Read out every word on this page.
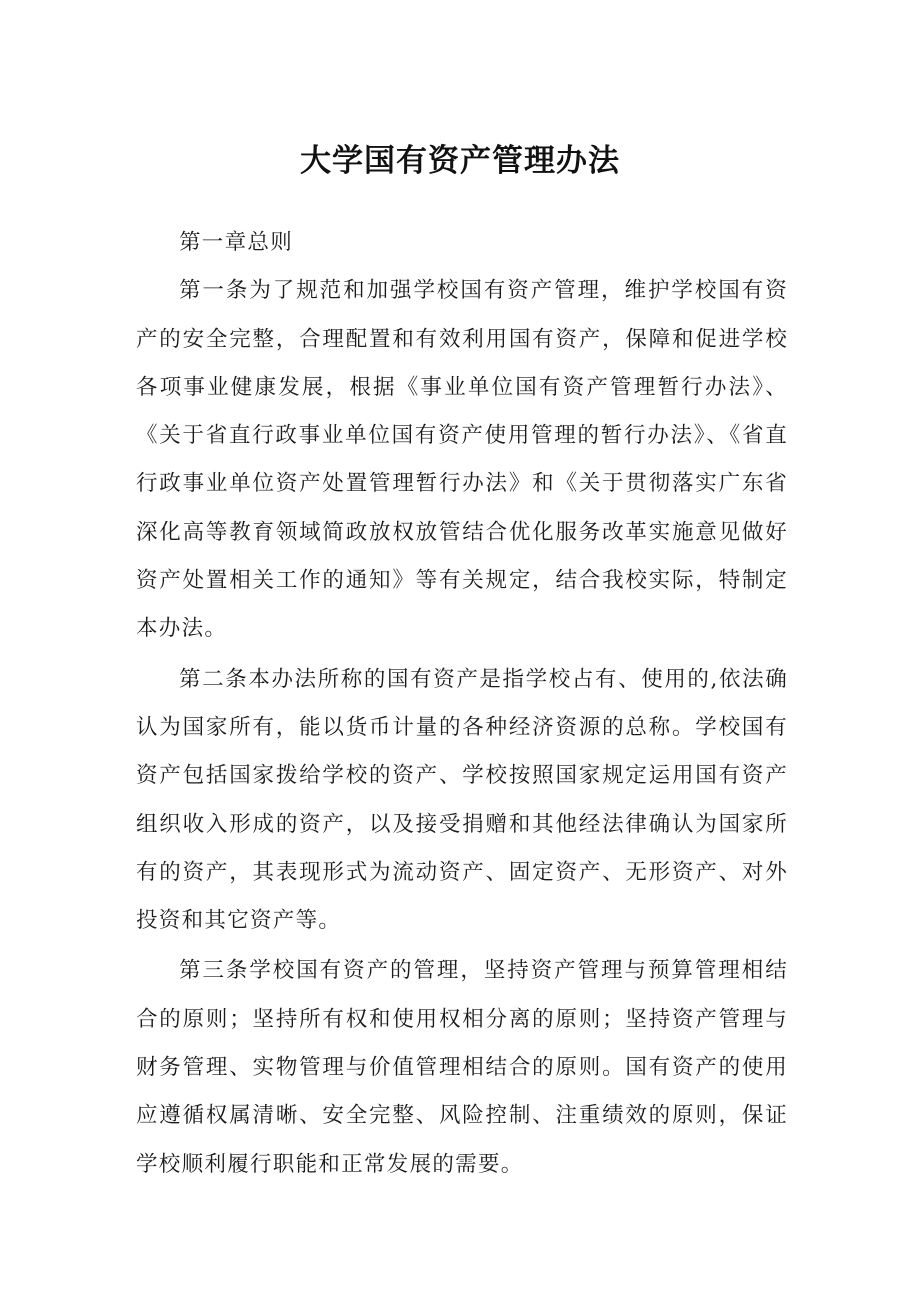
大学国有资产管理办法

第一章总则

第一条为了规范和加强学校国有资产管理，维护学校国有资产的安全完整，合理配置和有效利用国有资产，保障和促进学校各项事业健康发展，根据《事业单位国有资产管理暂行办法》、《关于省直行政事业单位国有资产使用管理的暂行办法》、《省直行政事业单位资产处置管理暂行办法》和《关于贯彻落实广东省深化高等教育领域简政放权放管结合优化服务改革实施意见做好资产处置相关工作的通知》等有关规定，结合我校实际，特制定本办法。

第二条本办法所称的国有资产是指学校占有、使用的,依法确认为国家所有，能以货币计量的各种经济资源的总称。学校国有资产包括国家拨给学校的资产、学校按照国家规定运用国有资产组织收入形成的资产，以及接受捐赠和其他经法律确认为国家所有的资产，其表现形式为流动资产、固定资产、无形资产、对外投资和其它资产等。

第三条学校国有资产的管理，坚持资产管理与预算管理相结合的原则；坚持所有权和使用权相分离的原则；坚持资产管理与财务管理、实物管理与价值管理相结合的原则。国有资产的使用应遵循权属清晰、安全完整、风险控制、注重绩效的原则，保证学校顺利履行职能和正常发展的需要。
